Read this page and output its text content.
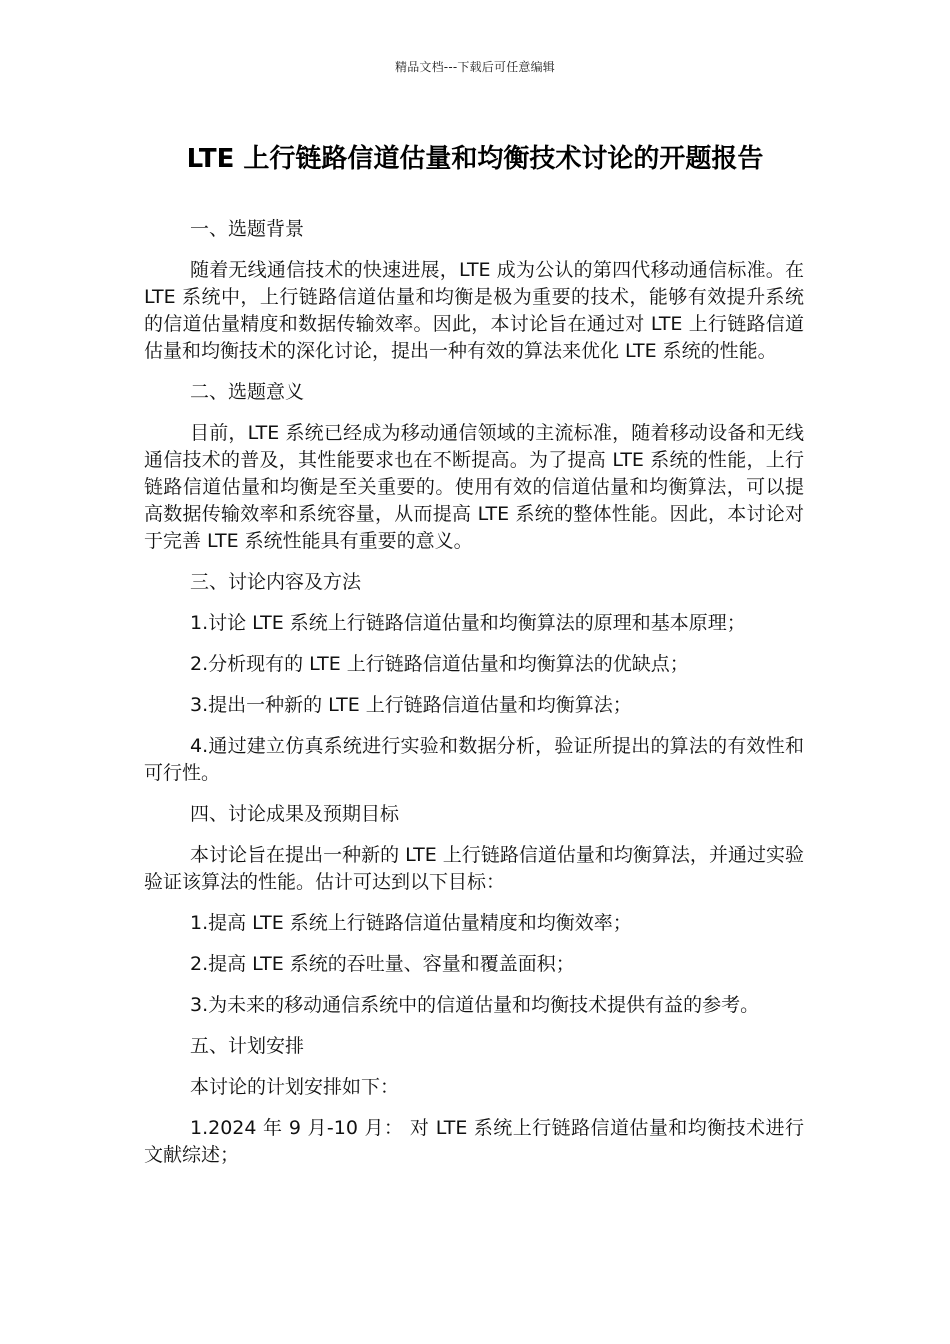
精品文档---下载后可任意编辑
LTE 上行链路信道估量和均衡技术讨论的开题报告

一、选题背景

随着无线通信技术的快速进展，LTE 成为公认的第四代移动通信标准。在 LTE 系统中，上行链路信道估量和均衡是极为重要的技术，能够有效提升系统的信道估量精度和数据传输效率。因此，本讨论旨在通过对 LTE 上行链路信道估量和均衡技术的深化讨论，提出一种有效的算法来优化 LTE 系统的性能。

二、选题意义

目前，LTE 系统已经成为移动通信领域的主流标准，随着移动设备和无线通信技术的普及，其性能要求也在不断提高。为了提高 LTE 系统的性能，上行链路信道估量和均衡是至关重要的。使用有效的信道估量和均衡算法，可以提高数据传输效率和系统容量，从而提高 LTE 系统的整体性能。因此，本讨论对于完善 LTE 系统性能具有重要的意义。

三、讨论内容及方法

1.讨论 LTE 系统上行链路信道估量和均衡算法的原理和基本原理；

2.分析现有的 LTE 上行链路信道估量和均衡算法的优缺点；

3.提出一种新的 LTE 上行链路信道估量和均衡算法；

4.通过建立仿真系统进行实验和数据分析，验证所提出的算法的有效性和可行性。

四、讨论成果及预期目标

本讨论旨在提出一种新的 LTE 上行链路信道估量和均衡算法，并通过实验验证该算法的性能。估计可达到以下目标：

1.提高 LTE 系统上行链路信道估量精度和均衡效率；

2.提高 LTE 系统的吞吐量、容量和覆盖面积；

3.为未来的移动通信系统中的信道估量和均衡技术提供有益的参考。

五、计划安排

本讨论的计划安排如下：

1.2024 年 9 月-10 月： 对 LTE 系统上行链路信道估量和均衡技术进行文献综述；
